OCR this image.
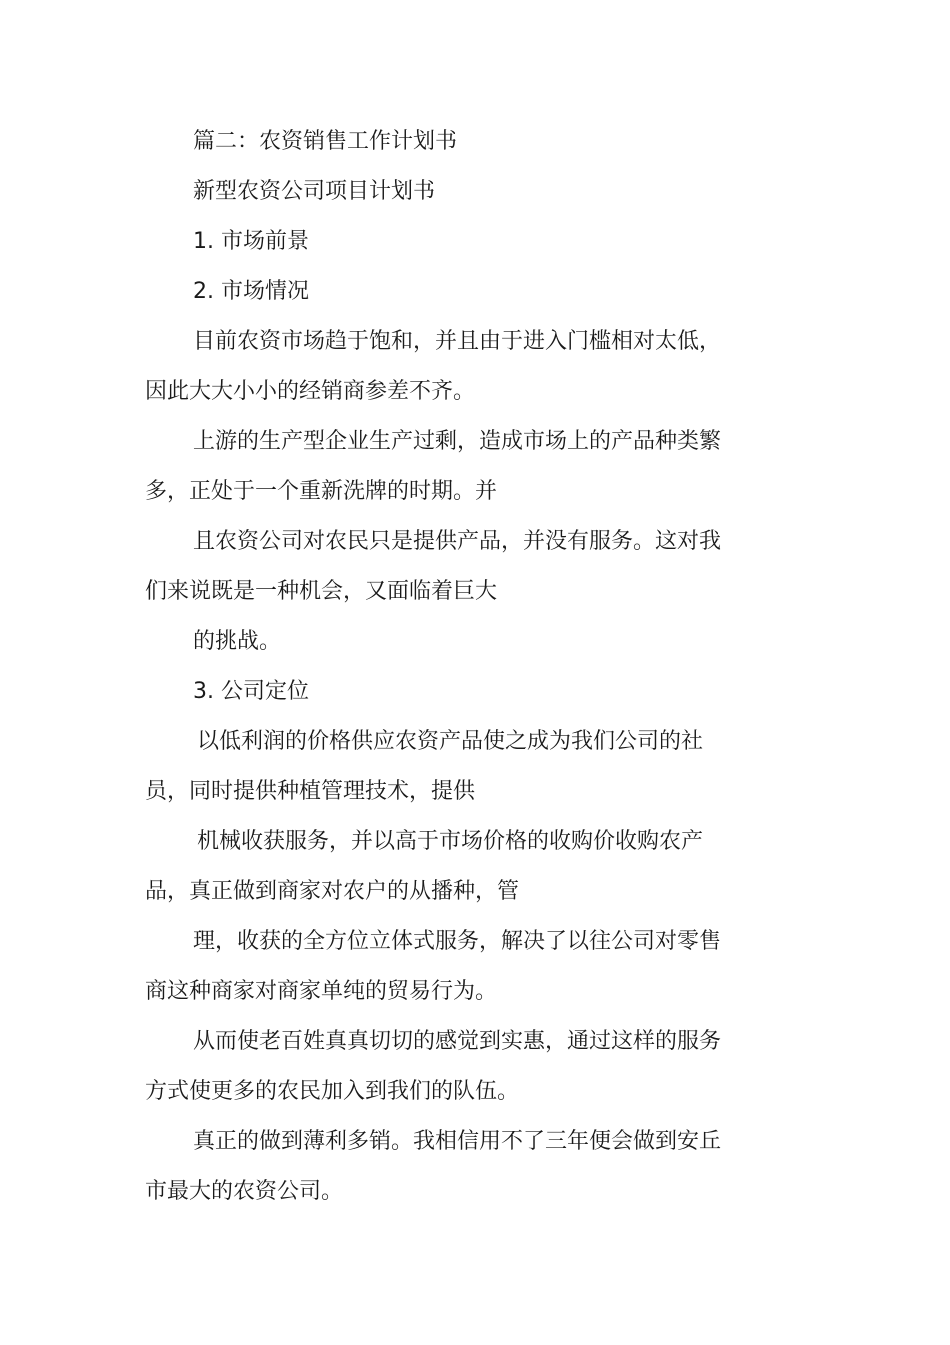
篇二：农资销售工作计划书
新型农资公司项目计划书
1. 市场前景
2. 市场情况
目前农资市场趋于饱和，并且由于进入门槛相对太低，
因此大大小小的经销商参差不齐。
上游的生产型企业生产过剩，造成市场上的产品种类繁
多，正处于一个重新洗牌的时期。并
且农资公司对农民只是提供产品，并没有服务。这对我
们来说既是一种机会，又面临着巨大
的挑战。
3. 公司定位
以低利润的价格供应农资产品使之成为我们公司的社
员，同时提供种植管理技术，提供
机械收获服务，并以高于市场价格的收购价收购农产
品，真正做到商家对农户的从播种，管
理，收获的全方位立体式服务，解决了以往公司对零售
商这种商家对商家单纯的贸易行为。
从而使老百姓真真切切的感觉到实惠，通过这样的服务
方式使更多的农民加入到我们的队伍。
真正的做到薄利多销。我相信用不了三年便会做到安丘
市最大的农资公司。
